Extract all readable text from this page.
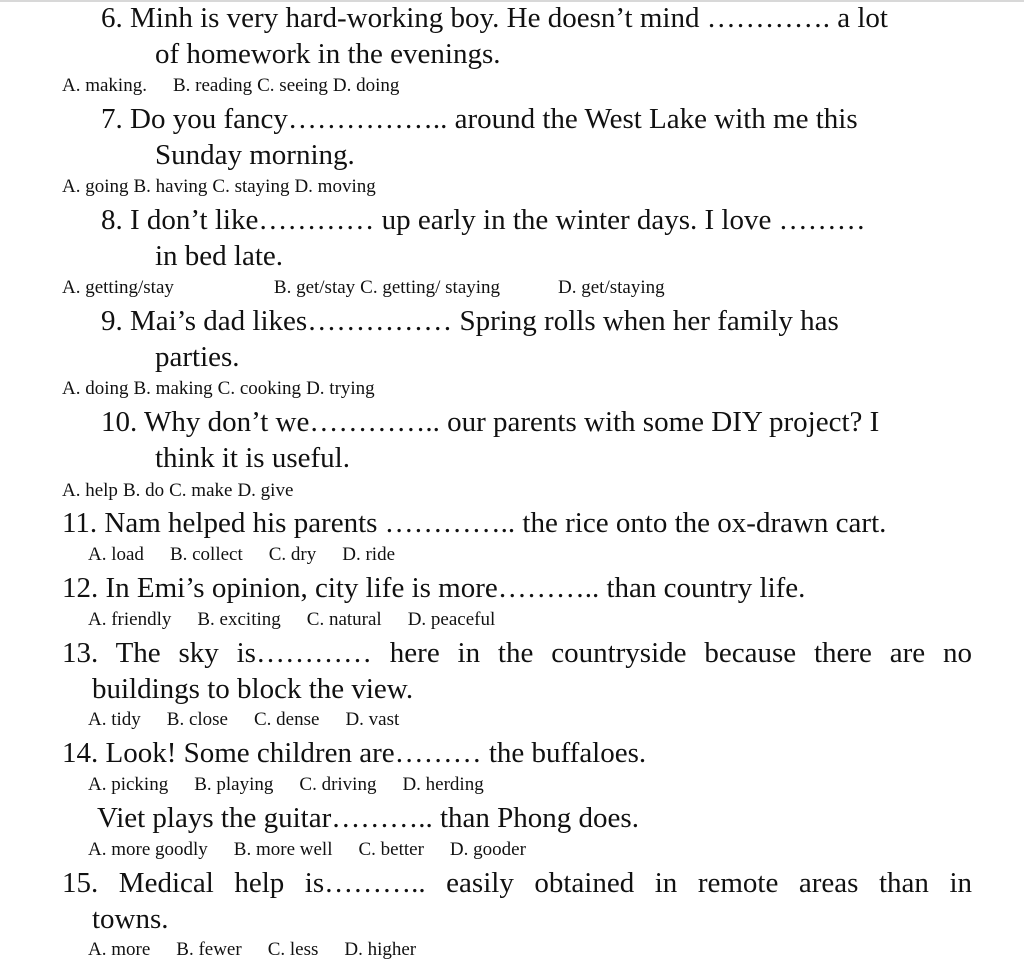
6. Minh is very hard-working boy. He doesn’t mind …………. a lot
of homework in the evenings.
A. making. B. reading C. seeing D. doing
7. Do you fancy…………….. around the West Lake with me this
Sunday morning.
A. going B. having C. staying D. moving
8. I don’t like………… up early in the winter days. I love ………
in bed late.
A. getting/stay	B. get/stay C. getting/ staying	D. get/staying
9. Mai’s dad likes…………… Spring rolls when her family has
parties.
A. doing B. making C. cooking D. trying
10. Why don’t we………….. our parents with some DIY project? I
think it is useful.
A. help B. do C. make D. give
11. Nam helped his parents ………….. the rice onto the ox-drawn cart.
A. load B. collect C. dry D. ride
12. In Emi’s opinion, city life is more……….. than country life.
A. friendly B. exciting C. natural D. peaceful
13. The sky is………… here in the countryside because there are no
buildings to block the view.
A. tidy B. close C. dense D. vast
14. Look! Some children are……… the buffaloes.
A. picking B. playing C. driving D. herding
Viet plays the guitar……….. than Phong does.
A. more goodly B. more well C. better D. gooder
15. Medical help is……….. easily obtained in remote areas than in
towns.
A. more B. fewer C. less D. higher
